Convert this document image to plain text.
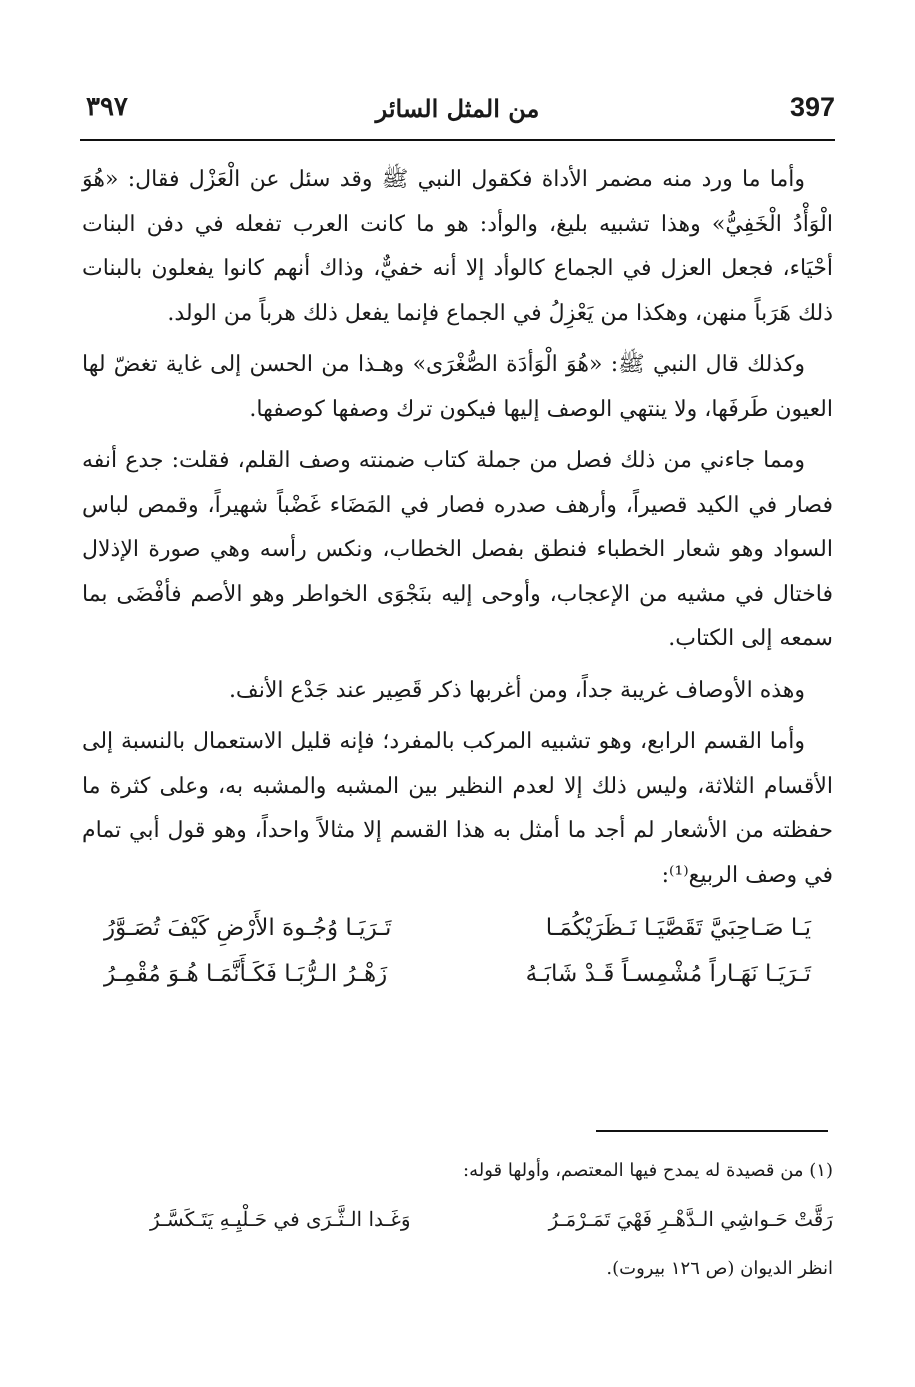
397
من المثل السائر
٣٩٧

وأما ما ورد منه مضمر الأداة فكقول النبي ﷺ وقد سئل عن الْعَزْل فقال: «هُوَ الْوَأْدُ الْخَفِيُّ» وهذا تشبيه بليغ، والوأد: هو ما كانت العرب تفعله في دفن البنات أحْيَاء، فجعل العزل في الجماع كالوأد إلا أنه خفيٌّ، وذاك أنهم كانوا يفعلون بالبنات ذلك هَرَباً منهن، وهكذا من يَعْزِلُ في الجماع فإنما يفعل ذلك هرباً من الولد.

وكذلك قال النبي ﷺ: «هُوَ الْوَأدَة الصُّغْرَى» وهـذا من الحسن إلى غاية تغضّ لها العيون طَرفَها، ولا ينتهي الوصف إليها فيكون ترك وصفها كوصفها.

ومما جاءني من ذلك فصل من جملة كتاب ضمنته وصف القلم، فقلت: جدع أنفه فصار في الكيد قصيراً، وأرهف صدره فصار في المَضَاء غَضْباً شهيراً، وقمص لباس السواد وهو شعار الخطباء فنطق بفصل الخطاب، ونكس رأسه وهي صورة الإذلال فاختال في مشيه من الإعجاب، وأوحى إليه بنَجْوَى الخواطر وهو الأصم فأفْضَى بما سمعه إلى الكتاب.

وهذه الأوصاف غريبة جداً، ومن أغربها ذكر قَصِير عند جَدْع الأنف.

وأما القسم الرابع، وهو تشبيه المركب بالمفرد؛ فإنه قليل الاستعمال بالنسبة إلى الأقسام الثلاثة، وليس ذلك إلا لعدم النظير بين المشبه والمشبه به، وعلى كثرة ما حفظته من الأشعار لم أجد ما أمثل به هذا القسم إلا مثالاً واحداً، وهو قول أبي تمام في وصف الربيع⁽¹⁾:

يَـا صَـاحِبَيَّ تَقَصَّيَـا نَـظَرَيْكُمَـا
تَـرَيَـا وُجُـوهَ الأَرْضِ كَيْفَ تُصَـوَّرُ
تَـرَيَـا نَهَـاراً مُشْمِسـاً قَـدْ شَابَـهُ
زَهْـرُ الـرُّبَـا فَكَـأَنَّمَـا هُـوَ مُقْمِـرُ

(١) من قصيدة له يمدح فيها المعتصم، وأولها قوله:

رَقَّتْ حَـواشِي الـدَّهْـرِ فَهْيَ تَمَـرْمَـرُ
وَغَـدا الـثَّـرَى في حَـلْيِـهِ يَتَـكَسَّـرُ

انظر الديوان (ص ١٢٦ بيروت).
